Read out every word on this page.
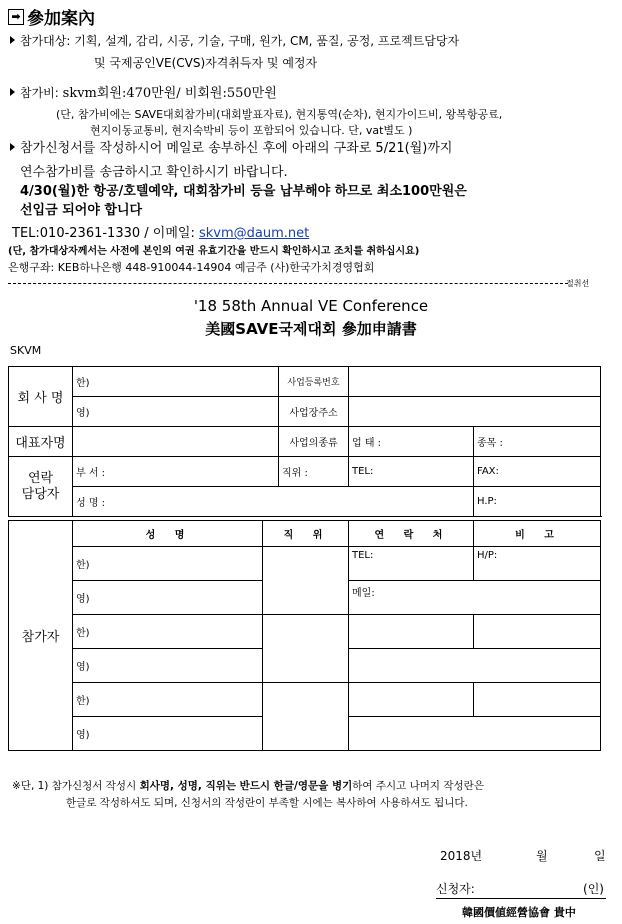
➡ 參加案內
참가대상: 기획, 설계, 감리, 시공, 기술, 구매, 원가, CM, 품질, 공정, 프로젝트담당자
및 국제공인VE(CVS)자격취득자 및 예정자
참가비: skvm회원:470만원/ 비회원:550만원
(단, 참가비에는 SAVE대회참가비(대회발표자료), 현지통역(순차), 현지가이드비, 왕복항공료,
현지이동교통비, 현지숙박비 등이 포함되어 있습니다. 단, vat별도 )
참가신청서를 작성하시어 메일로 송부하신 후에 아래의 구좌로 5/21(월)까지
연수참가비를 송금하시고 확인하시기 바랍니다.
4/30(월)한 항공/호텔예약, 대회참가비 등을 납부해야 하므로 최소100만원은
선입금 되어야 합니다
TEL:010-2361-1330 / 이메일: skvm@daum.net
(단, 참가대상자께서는 사전에 본인의 여권 유효기간을 반드시 확인하시고 조치를 취하십시요)
은행구좌: KEB하나은행 448-910044-14904 예금주 (사)한국가치경영협회
절취선
'18 58th Annual VE Conference
美國SAVE국제대회 參加申請書
SKVM
회 사 명	한)	사업등록번호		
	영)	사업장주소		
대표자명		사업의종류	업 태 :	종목 :

연락
담당자	부 서 :	직위 :	TEL:	FAX:
	성 명 :			H.P:
참가자	성 명	직 위	연 락 처	비 고
	한)		TEL:	H/P:
	영)		메일:	
	한)			
	영)			
	한)			
	영)			
※단, 1) 참가신청서 작성시 회사명, 성명, 직위는 반드시 한글/영문을 병기하여 주시고 나머지 작성란은
한글로 작성하셔도 되며, 신청서의 작성란이 부족할 시에는 복사하여 사용하셔도 됩니다.
2018년	월	일
신청자:	(인)
韓國價値經營協會 貴中
